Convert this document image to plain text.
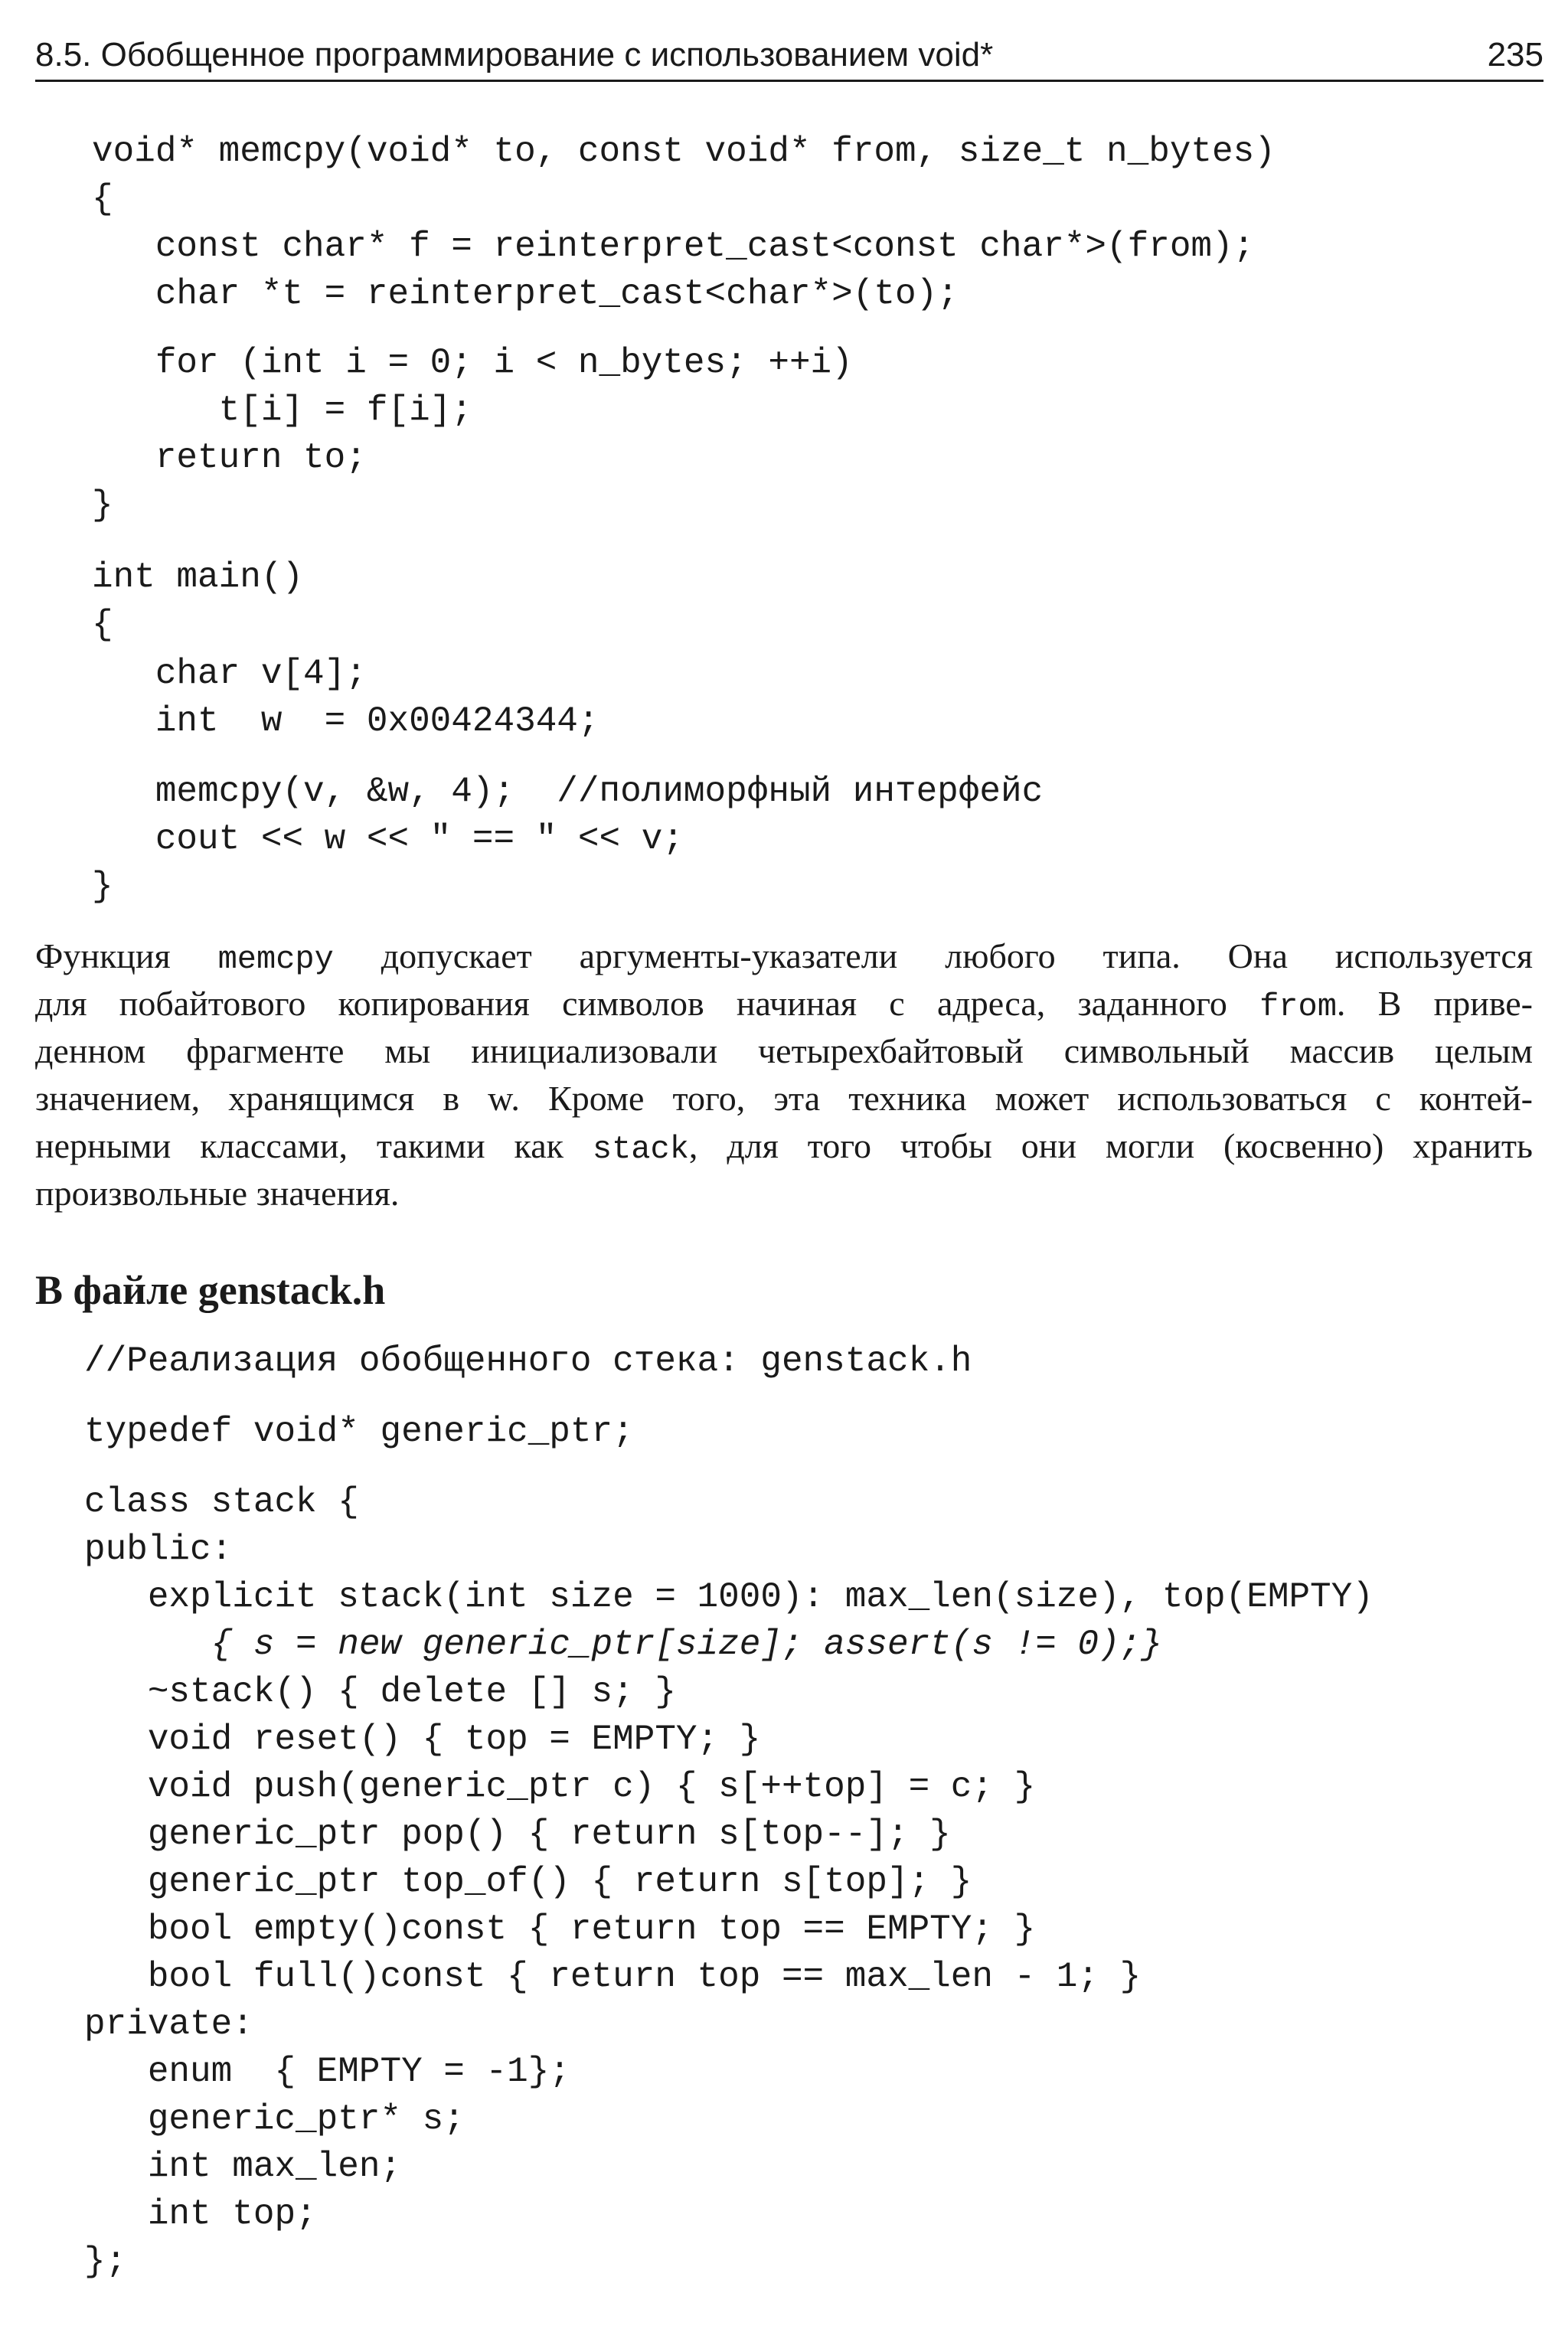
8.5. Обобщенное программирование с использованием void*	235
void* memcpy(void* to, const void* from, size_t n_bytes)
{
const char* f = reinterpret_cast<const char*>(from);
char *t = reinterpret_cast<char*>(to);
for (int i = 0; i < n_bytes; ++i)
t[i] = f[i];
return to;
}
int main()
{
char v[4];
int  w  = 0x00424344;
memcpy(v, &w, 4);  //полиморфный интерфейс
cout << w << " == " << v;
}
Функция memcpy допускает аргументы-указатели любого типа. Она используется
для побайтового копирования символов начиная с адреса, заданного from. В приве-
денном фрагменте мы инициализовали четырехбайтовый символьный массив целым
значением, хранящимся в w. Кроме того, эта техника может использоваться с контей-
нерными классами, такими как stack, для того чтобы они могли (косвенно) хранить
произвольные значения.
В файле genstack.h
//Реализация обобщенного стека: genstack.h
typedef void* generic_ptr;
class stack {
public:
explicit stack(int size = 1000): max_len(size), top(EMPTY)
{ s = new generic_ptr[size]; assert(s != 0);}
~stack() { delete [] s; }
void reset() { top = EMPTY; }
void push(generic_ptr c) { s[++top] = c; }
generic_ptr pop() { return s[top--]; }
generic_ptr top_of() { return s[top]; }
bool empty()const { return top == EMPTY; }
bool full()const { return top == max_len - 1; }
private:
enum  { EMPTY = -1};
generic_ptr* s;
int max_len;
int top;
};
